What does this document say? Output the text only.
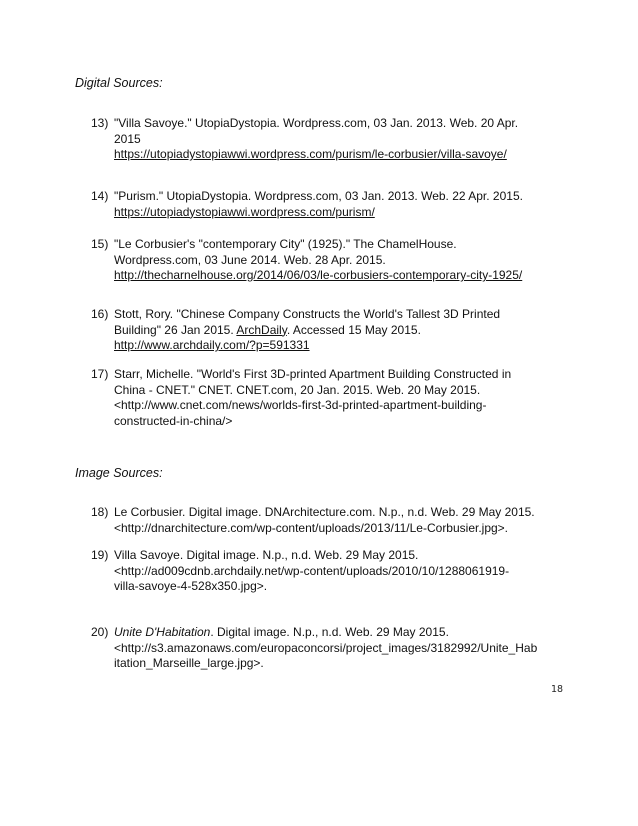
Digital Sources:
13) "Villa Savoye." UtopiaDystopia. Wordpress.com, 03 Jan. 2013. Web. 20 Apr.
2015
https://utopiadystopiawwi.wordpress.com/purism/le-corbusier/villa-savoye/
14) "Purism." UtopiaDystopia. Wordpress.com, 03 Jan. 2013. Web. 22 Apr. 2015.
https://utopiadystopiawwi.wordpress.com/purism/
15) "Le Corbusier's "contemporary City" (1925)." The ChamelHouse.
Wordpress.com, 03 June 2014. Web. 28 Apr. 2015.
http://thecharnelhouse.org/2014/06/03/le-corbusiers-contemporary-city-1925/
16) Stott, Rory. "Chinese Company Constructs the World's Tallest 3D Printed
Building" 26 Jan 2015. ArchDaily. Accessed 15 May 2015.
http://www.archdaily.com/?p=591331
17) Starr, Michelle. "World's First 3D-printed Apartment Building Constructed in
China - CNET." CNET. CNET.com, 20 Jan. 2015. Web. 20 May 2015.
<http://www.cnet.com/news/worlds-first-3d-printed-apartment-building-
constructed-in-china/>
Image Sources:
18) Le Corbusier. Digital image. DNArchitecture.com. N.p., n.d. Web. 29 May 2015.
<http://dnarchitecture.com/wp-content/uploads/2013/11/Le-Corbusier.jpg>.
19) Villa Savoye. Digital image. N.p., n.d. Web. 29 May 2015.
<http://ad009cdnb.archdaily.net/wp-content/uploads/2010/10/1288061919-
villa-savoye-4-528x350.jpg>.
20) Unite D'Habitation. Digital image. N.p., n.d. Web. 29 May 2015.
<http://s3.amazonaws.com/europaconcorsi/project_images/3182992/Unite_Hab
itation_Marseille_large.jpg>.
18
